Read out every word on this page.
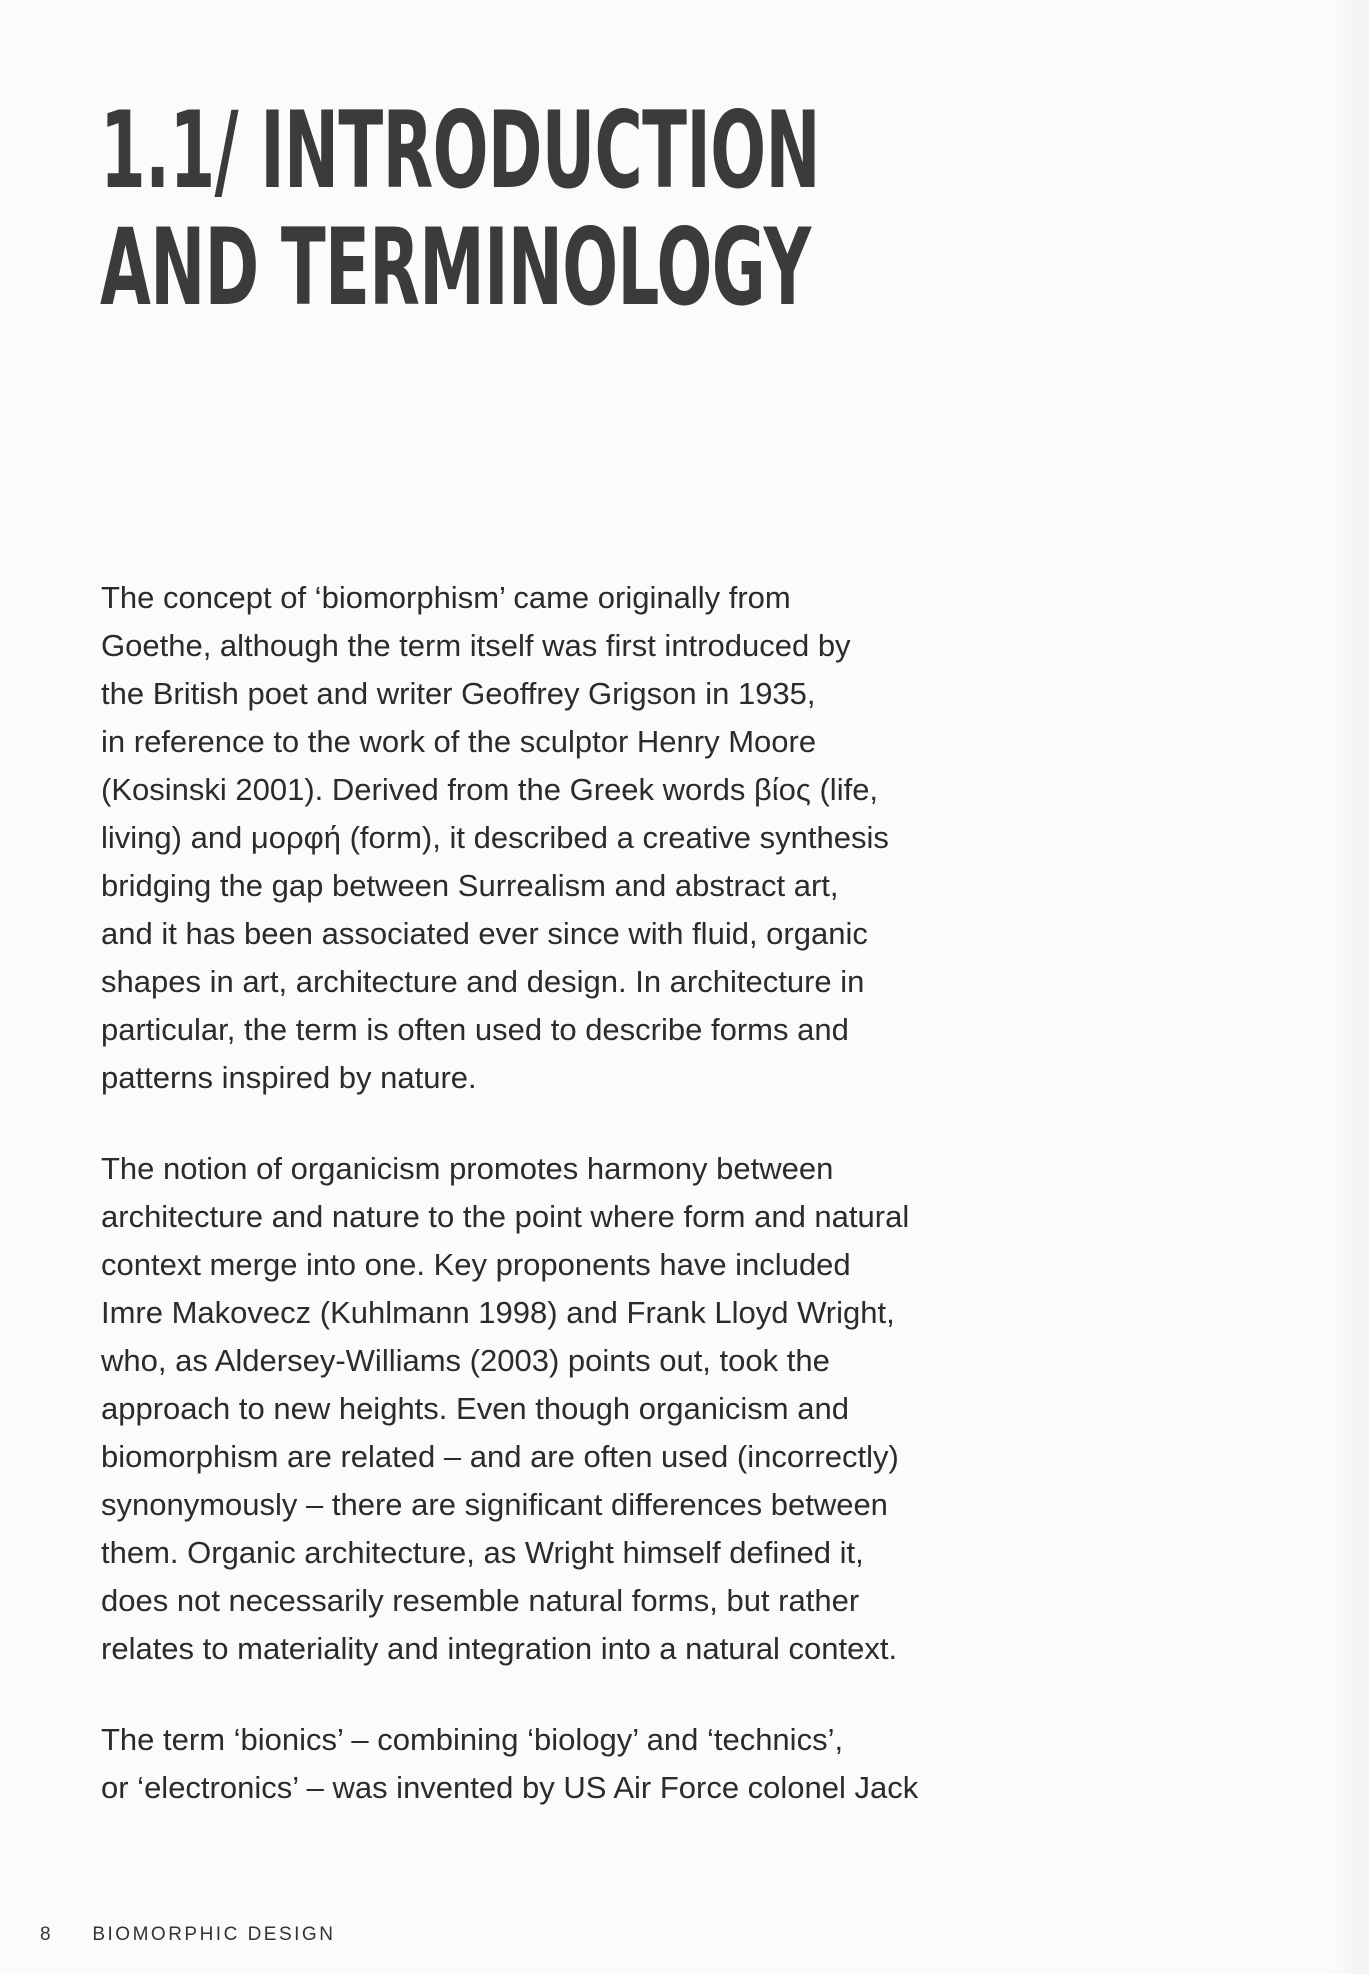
1.1/ INTRODUCTION
AND TERMINOLOGY

The concept of ‘biomorphism’ came originally from
Goethe, although the term itself was first introduced by
the British poet and writer Geoffrey Grigson in 1935,
in reference to the work of the sculptor Henry Moore
(Kosinski 2001). Derived from the Greek words βίος (life,
living) and μορφή (form), it described a creative synthesis
bridging the gap between Surrealism and abstract art,
and it has been associated ever since with fluid, organic
shapes in art, architecture and design. In architecture in
particular, the term is often used to describe forms and
patterns inspired by nature.

The notion of organicism promotes harmony between
architecture and nature to the point where form and natural
context merge into one. Key proponents have included
Imre Makovecz (Kuhlmann 1998) and Frank Lloyd Wright,
who, as Aldersey-Williams (2003) points out, took the
approach to new heights. Even though organicism and
biomorphism are related – and are often used (incorrectly)
synonymously – there are significant differences between
them. Organic architecture, as Wright himself defined it,
does not necessarily resemble natural forms, but rather
relates to materiality and integration into a natural context.

The term ‘bionics’ – combining ‘biology’ and ‘technics’,
or ‘electronics’ – was invented by US Air Force colonel Jack

8 BIOMORPHIC DESIGN
